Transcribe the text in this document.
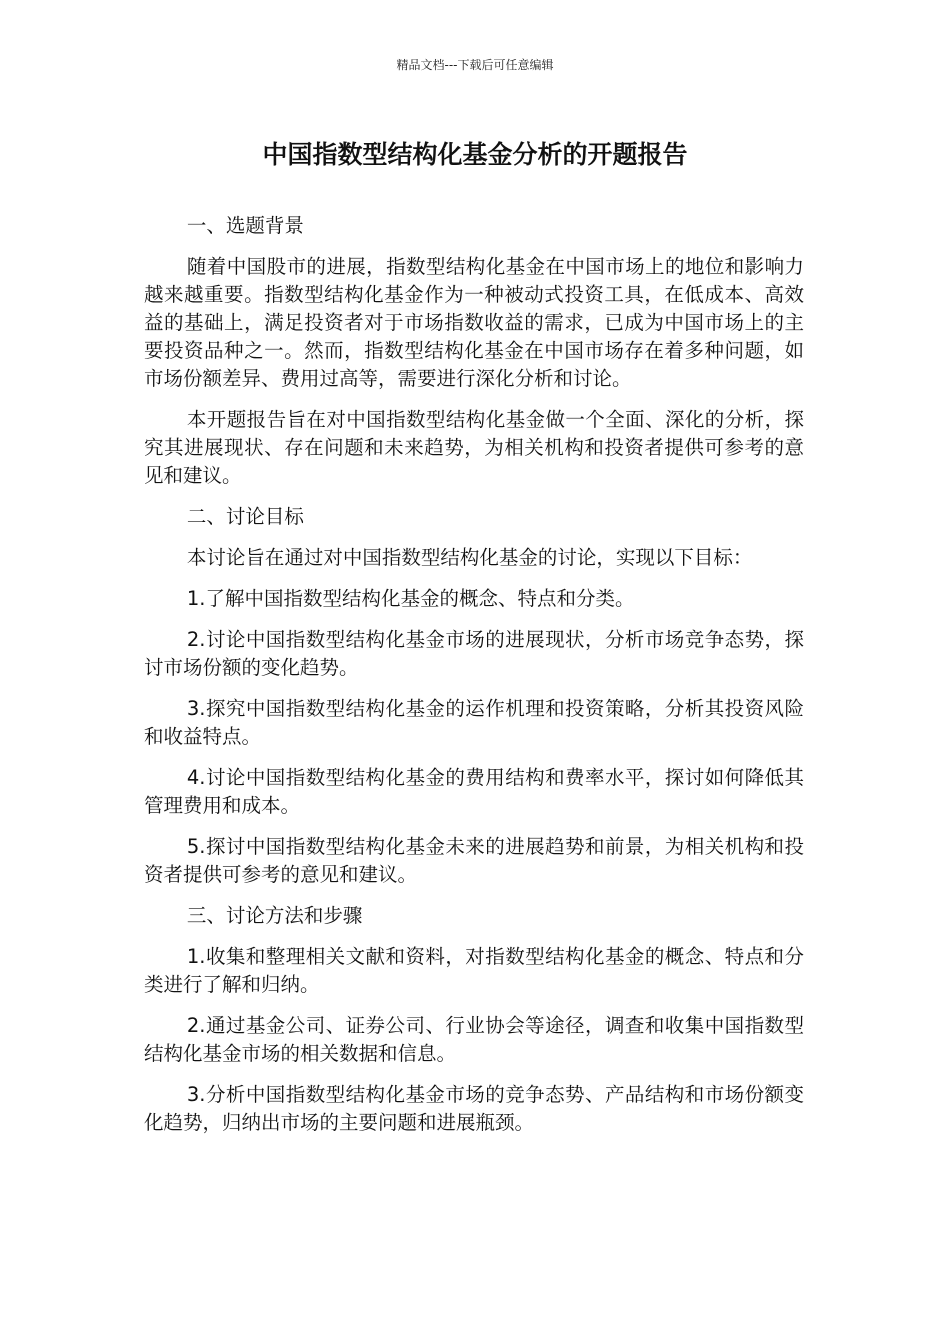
精品文档---下载后可任意编辑
中国指数型结构化基金分析的开题报告

一、选题背景

随着中国股市的进展，指数型结构化基金在中国市场上的地位和影响力越来越重要。指数型结构化基金作为一种被动式投资工具，在低成本、高效益的基础上，满足投资者对于市场指数收益的需求，已成为中国市场上的主要投资品种之一。然而，指数型结构化基金在中国市场存在着多种问题，如市场份额差异、费用过高等，需要进行深化分析和讨论。

本开题报告旨在对中国指数型结构化基金做一个全面、深化的分析，探究其进展现状、存在问题和未来趋势，为相关机构和投资者提供可参考的意见和建议。

二、讨论目标

本讨论旨在通过对中国指数型结构化基金的讨论，实现以下目标：

1.了解中国指数型结构化基金的概念、特点和分类。

2.讨论中国指数型结构化基金市场的进展现状，分析市场竞争态势，探讨市场份额的变化趋势。

3.探究中国指数型结构化基金的运作机理和投资策略，分析其投资风险和收益特点。

4.讨论中国指数型结构化基金的费用结构和费率水平，探讨如何降低其管理费用和成本。

5.探讨中国指数型结构化基金未来的进展趋势和前景，为相关机构和投资者提供可参考的意见和建议。

三、讨论方法和步骤

1.收集和整理相关文献和资料，对指数型结构化基金的概念、特点和分类进行了解和归纳。

2.通过基金公司、证券公司、行业协会等途径，调查和收集中国指数型结构化基金市场的相关数据和信息。

3.分析中国指数型结构化基金市场的竞争态势、产品结构和市场份额变化趋势，归纳出市场的主要问题和进展瓶颈。
